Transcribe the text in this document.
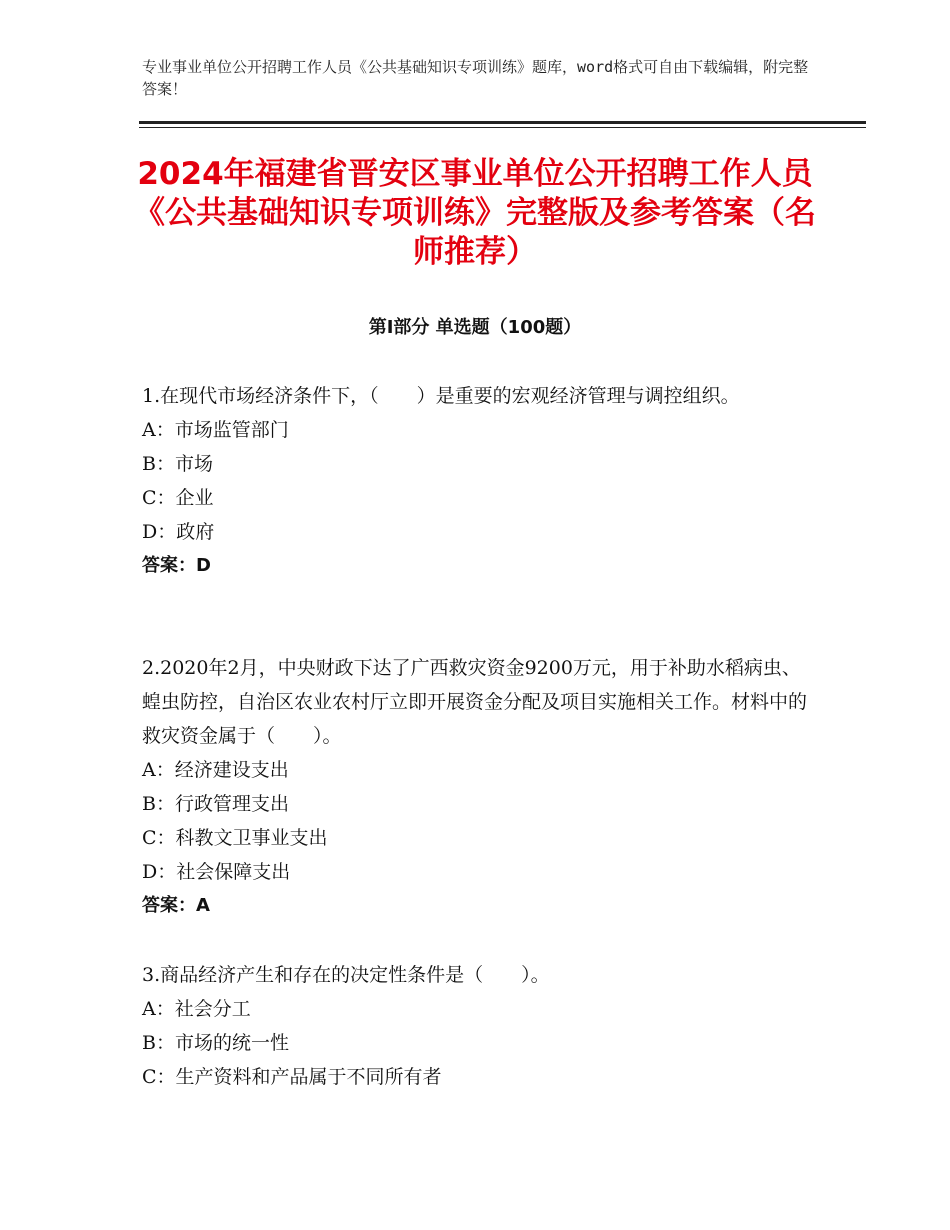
专业事业单位公开招聘工作人员《公共基础知识专项训练》题库，word格式可自由下载编辑，附完整答案！
2024年福建省晋安区事业单位公开招聘工作人员《公共基础知识专项训练》完整版及参考答案（名师推荐）
第Ⅰ部分 单选题（100题）

1.在现代市场经济条件下，（　　）是重要的宏观经济管理与调控组织。

A：市场监管部门

B：市场

C：企业

D：政府

答案：D

2.2020年2月，中央财政下达了广西救灾资金9200万元，用于补助水稻病虫、蝗虫防控，自治区农业农村厅立即开展资金分配及项目实施相关工作。材料中的救灾资金属于（　　）。

A：经济建设支出

B：行政管理支出

C：科教文卫事业支出

D：社会保障支出

答案：A

3.商品经济产生和存在的决定性条件是（　　）。

A：社会分工

B：市场的统一性

C：生产资料和产品属于不同所有者
